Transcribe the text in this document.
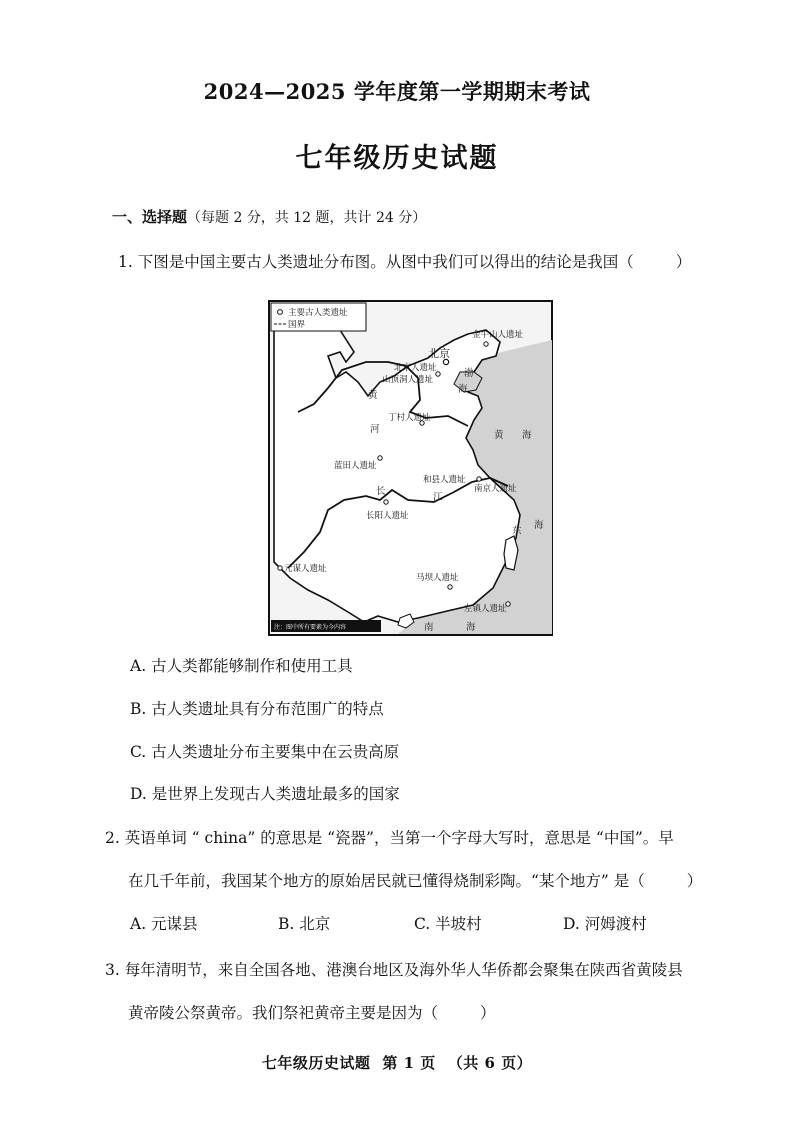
2024—2025 学年度第一学期期末考试
七年级历史试题
一、选择题（每题 2 分，共 12 题，共计 24 分）
1. 下图是中国主要古人类遗址分布图。从图中我们可以得出的结论是我国（	）
主要古人类遗址
国界
北京
金牛山人遗址
北京人遗址
山顶洞人遗址
丁村人遗址
蓝田人遗址
和县人遗址
南京人遗址
长阳人遗址
元谋人遗址
马坝人遗址
左镇人遗址
黄
河
长
江
渤
海
黄 海
东
海
南	海
注：图中所有要素为今内容
A. 古人类都能够制作和使用工具
B. 古人类遗址具有分布范围广的特点
C. 古人类遗址分布主要集中在云贵高原
D. 是世界上发现古人类遗址最多的国家
2. 英语单词 “ china” 的意思是 “瓷器”，当第一个字母大写时，意思是 “中国”。早
在几千年前，我国某个地方的原始居民就已懂得烧制彩陶。“某个地方” 是（	）
A. 元谋县	B. 北京	C. 半坡村	D. 河姆渡村
3. 每年清明节，来自全国各地、港澳台地区及海外华人华侨都会聚集在陕西省黄陵县
黄帝陵公祭黄帝。我们祭祀黄帝主要是因为（	）
七年级历史试题 第 1 页 （共 6 页）
